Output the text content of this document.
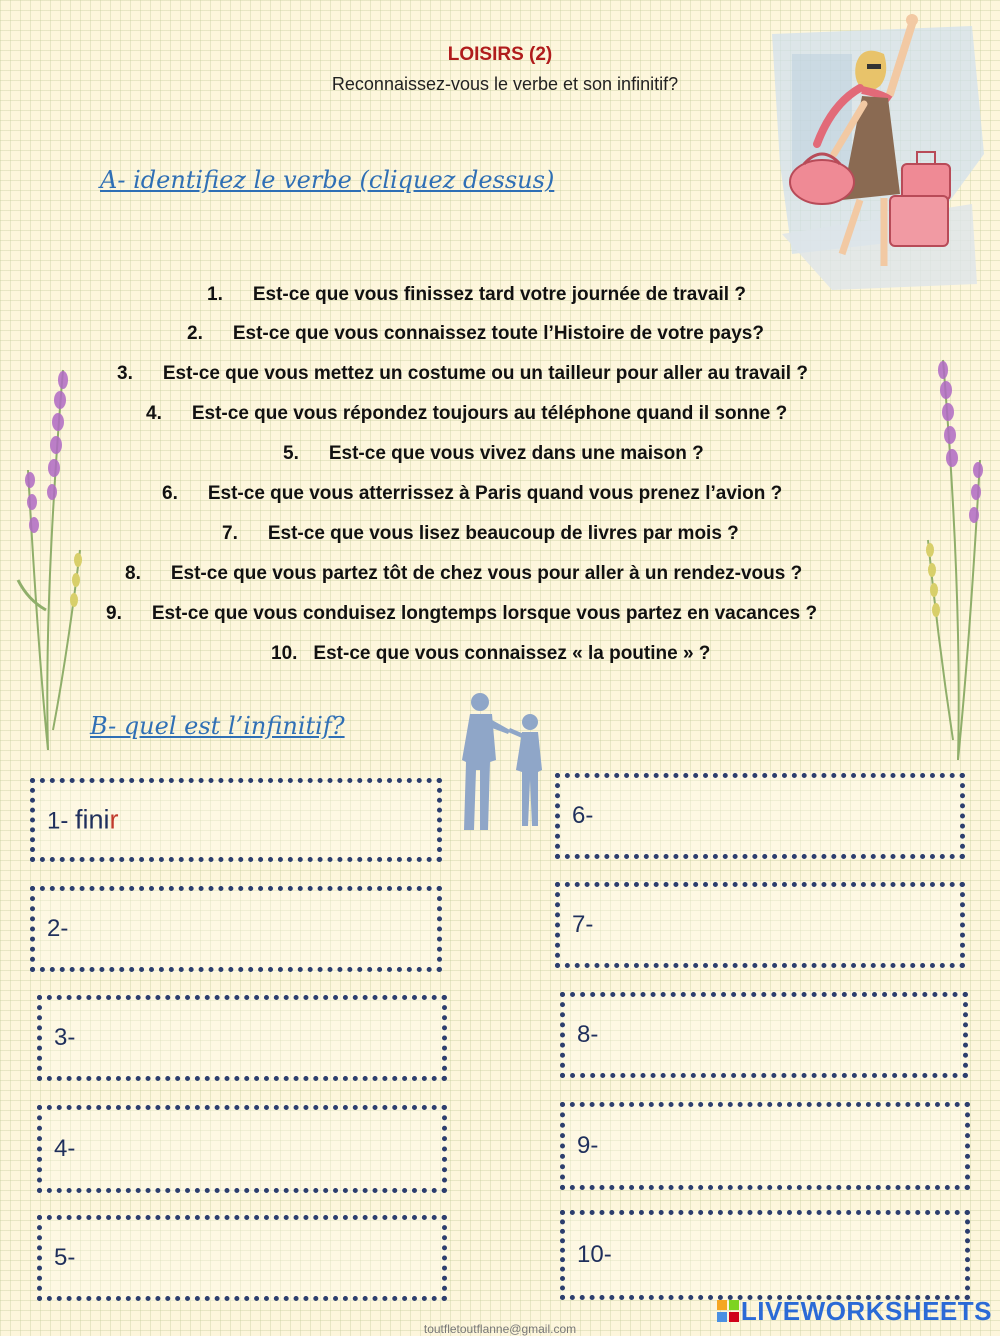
LOISIRS (2)
Reconnaissez-vous le verbe et son infinitif?
A- identifiez le verbe (cliquez dessus)
1. Est-ce que vous finissez tard votre journée de travail ?
2. Est-ce que vous connaissez toute l’Histoire de votre pays?
3. Est-ce que vous mettez un costume ou un tailleur pour aller au travail ?
4. Est-ce que vous répondez toujours au téléphone quand il sonne ?
5. Est-ce que vous vivez dans une maison ?
6. Est-ce que vous atterrissez à Paris quand vous prenez l’avion ?
7. Est-ce que vous lisez beaucoup de livres par mois ?
8. Est-ce que vous partez tôt de chez vous pour aller à un rendez-vous ?
9. Est-ce que vous conduisez longtemps lorsque vous partez en vacances ?
10. Est-ce que vous connaissez « la poutine » ?
B- quel est l’infinitif?
1- finir
2-
3-
4-
5-
6-
7-
8-
9-
10-
toutfletoutflanne@gmail.com
LIVEWORKSHEETS
